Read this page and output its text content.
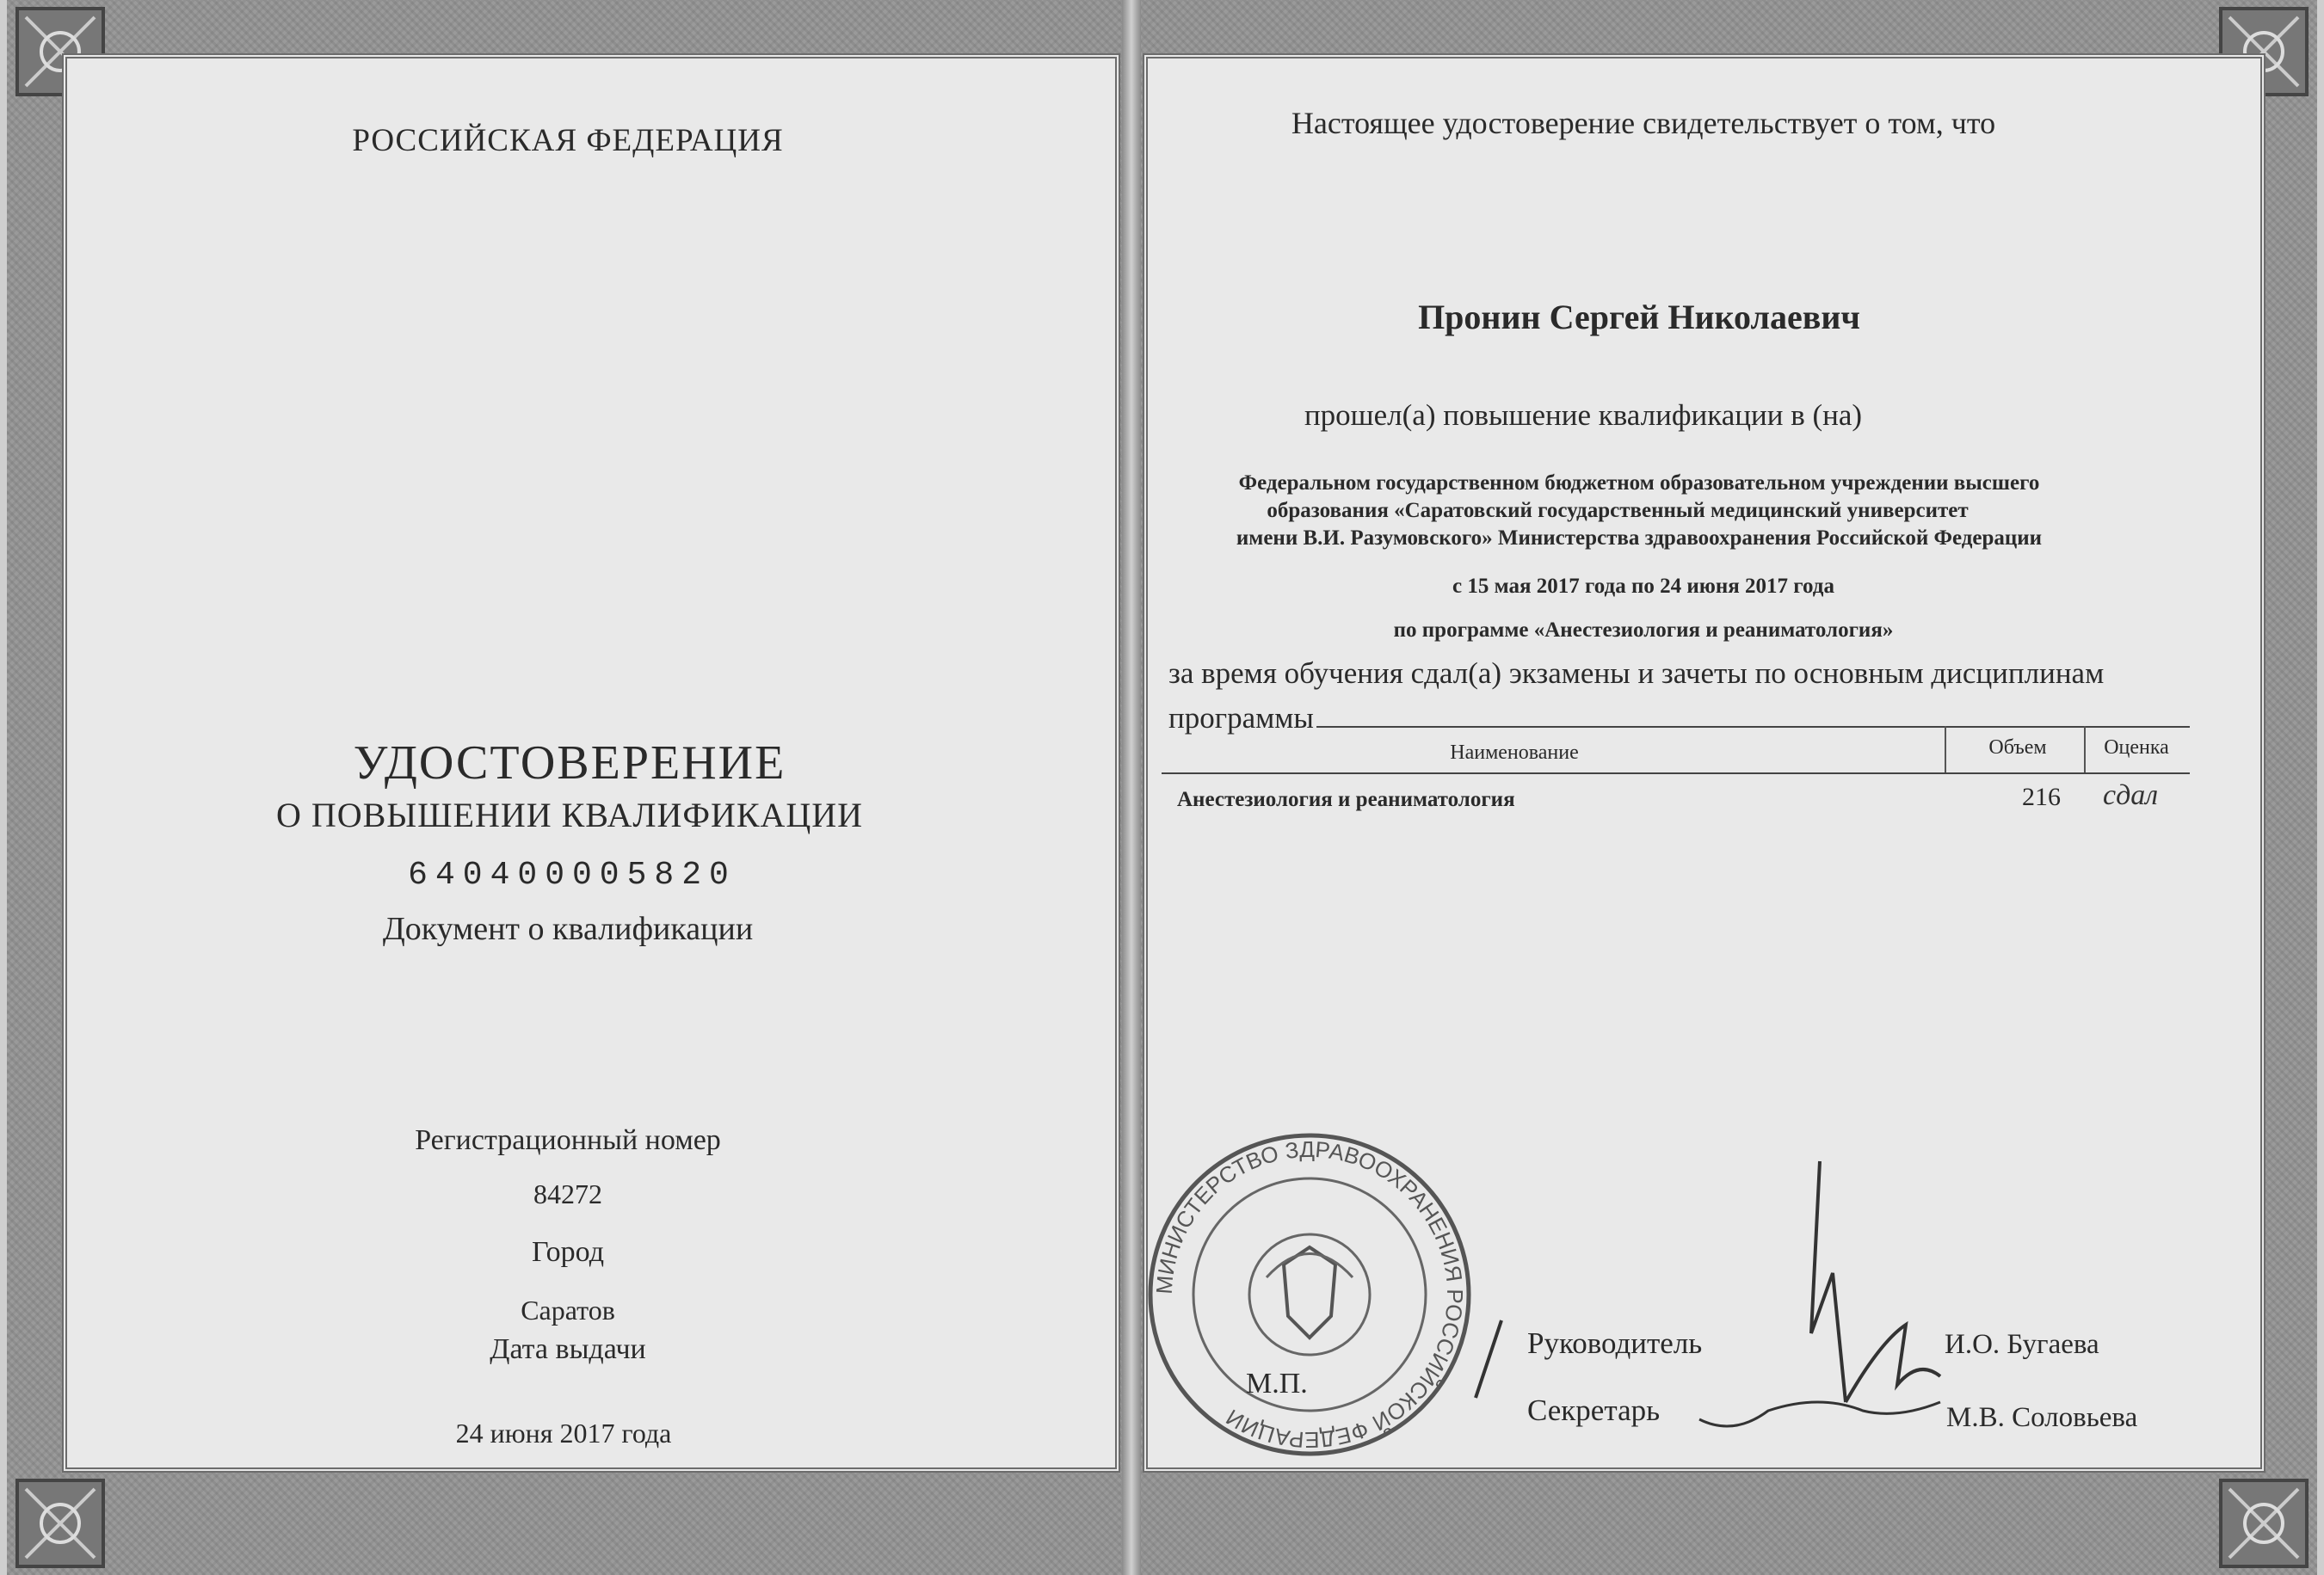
РОССИЙСКАЯ ФЕДЕРАЦИЯ
УДОСТОВЕРЕНИЕ
О ПОВЫШЕНИИ КВАЛИФИКАЦИИ
640400005820
Документ о квалификации
Регистрационный номер
84272
Город
Саратов
Дата выдачи
24 июня 2017 года
Настоящее удостоверение свидетельствует о том, что
Пронин Сергей Николаевич
прошел(а) повышение квалификации в (на)
Федеральном государственном бюджетном образовательном учреждении высшего
образования «Саратовский государственный медицинский университет
имени В.И. Разумовского» Министерства здравоохранения Российской Федерации
с 15 мая 2017 года по 24 июня 2017 года
по программе «Анестезиология и реаниматология»
за время обучения сдал(а) экзамены и зачеты по основным дисциплинам
программы
Наименование	Объем	Оценка
Анестезиология и реаниматология	216 сдал
МИНИСТЕРСТВО ЗДРАВООХРАНЕНИЯ РОССИЙСКОЙ ФЕДЕРАЦИИ
М.П.
Руководитель	И.О. Бугаева
Секретарь	М.В. Соловьева
